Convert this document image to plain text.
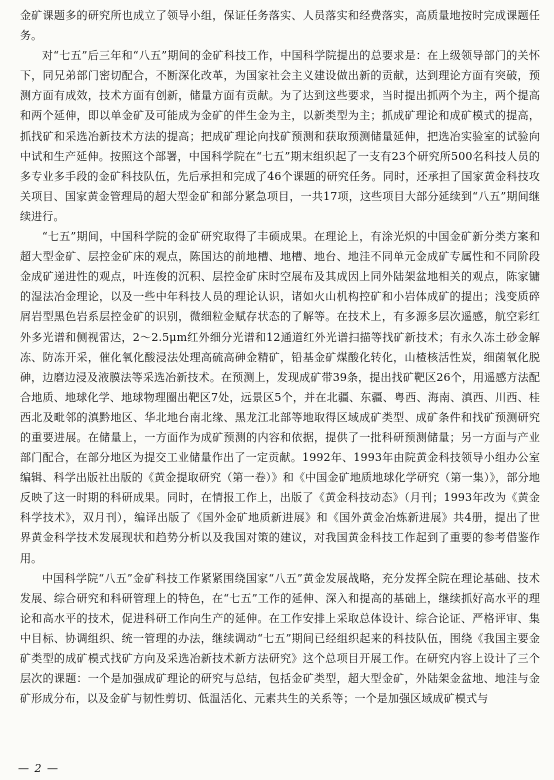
金矿课题多的研究所也成立了领导小组，保证任务落实、人员落实和经费落实，高质量地按时完成课题任务。

对“七五”后三年和“八五”期间的金矿科技工作，中国科学院提出的总要求是：在上级领导部门的关怀下，同兄弟部门密切配合，不断深化改革，为国家社会主义建设做出新的贡献，达到理论方面有突破，预测方面有成效，技术方面有创新，储量方面有贡献。为了达到这些要求，当时提出抓两个为主，两个提高和两个延伸，即以单金矿及可能成为金矿的伴生金为主，以新类型为主；抓成矿理论和成矿模式的提高，抓找矿和采选冶新技术方法的提高；把成矿理论向找矿预测和获取预测储量延伸，把选冶实验室的试验向中试和生产延伸。按照这个部署，中国科学院在“七五”期末组织起了一支有23个研究所500名科技人员的多专业多手段的金矿科技队伍，先后承担和完成了46个课题的研究任务。同时，还承担了国家黄金科技攻关项目、国家黄金管理局的超大型金矿和部分紧急项目，一共17项，这些项目大部分延续到“八五”期间继续进行。

“七五”期间，中国科学院的金矿研究取得了丰硕成果。在理论上，有涂光炽的中国金矿新分类方案和超大型金矿、层控金矿床的观点，陈国达的前地槽、地槽、地台、地洼不同单元金成矿专属性和不同阶段金成矿递进性的观点，叶连俊的沉积、层控金矿床时空展布及其成因上同外陆架盆地相关的观点，陈家镛的湿法冶金理论，以及一些中年科技人员的理论认识，诸如火山机构控矿和小岩体成矿的提出；浅变质碎屑岩型黑色岩系层控金矿的识别，微细粒金赋存状态的了解等。在技术上，有多源多层次遥感，航空彩红外多光谱和侧视雷达，2～2.5μm红外细分光谱和12通道红外光谱扫描等找矿新技术；有永久冻土砂金解冻、防冻开采，催化氧化酸浸法处理高硫高砷金精矿，铅基金矿煤酸化转化，山楂核活性炭，细菌氧化脱砷，边磨边浸及液膜法等采选冶新技术。在预测上，发现成矿带39条，提出找矿靶区26个，用遥感方法配合地质、地球化学、地球物理圈出靶区7处，远景区5个，并在北疆、东疆、粤西、海南、滇西、川西、桂西北及毗邻的滇黔地区、华北地台南北缘、黑龙江北部等地取得区域成矿类型、成矿条件和找矿预测研究的重要进展。在储量上，一方面作为成矿预测的内容和依据，提供了一批科研预测储量；另一方面与产业部门配合，在部分地区为提交工业储量作出了一定贡献。1992年、1993年由院黄金科技领导小组办公室编辑、科学出版社出版的《黄金提取研究（第一卷）》和《中国金矿地质地球化学研究（第一集）》，部分地反映了这一时期的科研成果。同时，在情报工作上，出版了《黄金科技动态》（月刊；1993年改为《黄金科学技术》，双月刊），编译出版了《国外金矿地质新进展》和《国外黄金冶炼新进展》共4册，提出了世界黄金科学技术发展现状和趋势分析以及我国对策的建议，对我国黄金科技工作起到了重要的参考借鉴作用。

中国科学院“八五”金矿科技工作紧紧围绕国家“八五”黄金发展战略，充分发挥全院在理论基础、技术发展、综合研究和科研管理上的特色，在“七五”工作的延伸、深入和提高的基础上，继续抓好高水平的理论和高水平的技术，促进科研工作向生产的延伸。在工作安排上采取总体设计、综合论证、严格评审、集中目标、协调组织、统一管理的办法，继续调动“七五”期间已经组织起来的科技队伍，围绕《我国主要金矿类型的成矿模式找矿方向及采选冶新技术新方法研究》这个总项目开展工作。在研究内容上设计了三个层次的课题：一个是加强成矿理论的研究与总结，包括金矿类型，超大型金矿，外陆架金盆地、地洼与金矿形成分布，以及金矿与韧性剪切、低温活化、元素共生的关系等；一个是加强区域成矿模式与

— 2 —
